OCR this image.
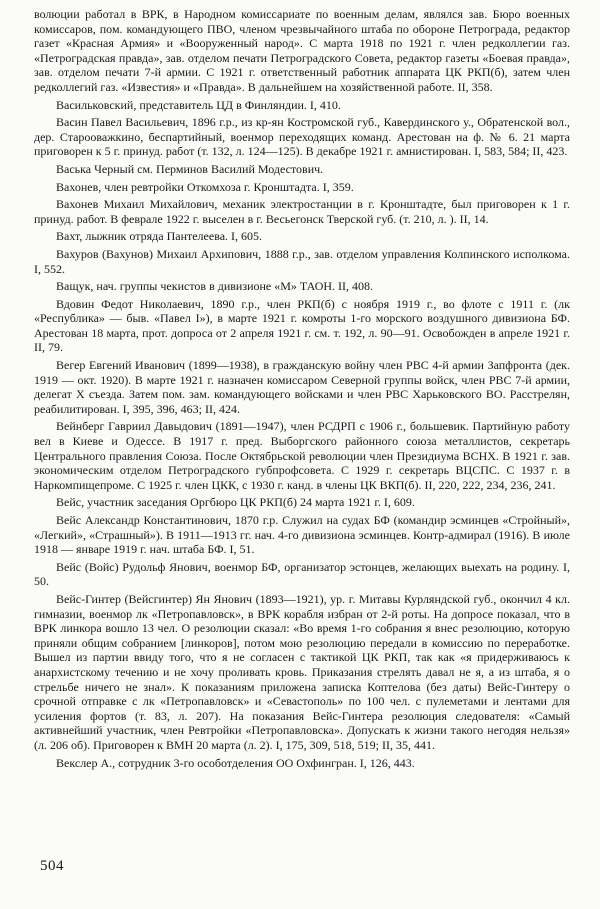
волюции работал в ВРК, в Народном комиссариате по военным делам, являлся зав. Бюро военных комиссаров, пом. командующего ПВО, членом чрезвычайного штаба по обороне Петрограда, редактор газет «Красная Армия» и «Вооруженный народ». С марта 1918 по 1921 г. член редколлегии газ. «Петроградская правда», зав. отделом печати Петроградского Совета, редактор газеты «Боевая правда», зав. отделом печати 7-й армии. С 1921 г. ответственный работник аппарата ЦК РКП(б), затем член редколлегий газ. «Известия» и «Правда». В дальнейшем на хозяйственной работе. II, 358.

Васильковский, представитель ЦД в Финляндии. I, 410.

Васин Павел Васильевич, 1896 г.р., из кр-ян Костромской губ., Кавердинского у., Обратенской вол., дер. Старооважкино, беспартийный, военмор переходящих команд. Арестован на ф. № 6. 21 марта приговорен к 5 г. принуд. работ (т. 132, л. 124—125). В декабре 1921 г. амнистирован. I, 583, 584; II, 423.

Васька Черный см. Перминов Василий Модестович.

Вахонев, член ревтройки Откомхоза г. Кронштадта. I, 359.

Вахонев Михаил Михайлович, механик электростанции в г. Кронштадте, был приговорен к 1 г. принуд. работ. В феврале 1922 г. выселен в г. Весьегонск Тверской губ. (т. 210, л. ). II, 14.

Вахт, лыжник отряда Пантелеева. I, 605.

Вахуров (Вахунов) Михаил Архипович, 1888 г.р., зав. отделом управления Колпинского исполкома. I, 552.

Ващук, нач. группы чекистов в дивизионе «М» ТАОН. II, 408.

Вдовин Федот Николаевич, 1890 г.р., член РКП(б) с ноября 1919 г., во флоте с 1911 г. (лк «Республика» — быв. «Павел I»), в марте 1921 г. комроты 1-го морского воздушного дивизиона БФ. Арестован 18 марта, прот. допроса от 2 апреля 1921 г. см. т. 192, л. 90—91. Освобожден в апреле 1921 г. II, 79.

Вегер Евгений Иванович (1899—1938), в гражданскую войну член РВС 4-й армии Запфронта (дек. 1919 — окт. 1920). В марте 1921 г. назначен комиссаром Северной группы войск, член РВС 7-й армии, делегат X съезда. Затем пом. зам. командующего войсками и член РВС Харьковского ВО. Расстрелян, реабилитирован. I, 395, 396, 463; II, 424.

Вейнберг Гавриил Давыдович (1891—1947), член РСДРП с 1906 г., большевик. Партийную работу вел в Киеве и Одессе. В 1917 г. пред. Выборгского районного союза металлистов, секретарь Центрального правления Союза. После Октябрьской революции член Президиума ВСНХ. В 1921 г. зав. экономическим отделом Петроградского губпрофсовета. С 1929 г. секретарь ВЦСПС. С 1937 г. в Наркомпищепроме. С 1925 г. член ЦКК, с 1930 г. канд. в члены ЦК ВКП(б). II, 220, 222, 234, 236, 241.

Вейс, участник заседания Оргбюро ЦК РКП(б) 24 марта 1921 г. I, 609.

Вейс Александр Константинович, 1870 г.р. Служил на судах БФ (командир эсминцев «Стройный», «Легкий», «Страшный»). В 1911—1913 гг. нач. 4-го дивизиона эсминцев. Контр-адмирал (1916). В июле 1918 — январе 1919 г. нач. штаба БФ. I, 51.

Вейс (Войс) Рудольф Янович, военмор БФ, организатор эстонцев, желающих выехать на родину. I, 50.

Вейс-Гинтер (Вейсгинтер) Ян Янович (1893—1921), ур. г. Митавы Курляндской губ., окончил 4 кл. гимназии, военмор лк «Петропавловск», в ВРК корабля избран от 2-й роты. На допросе показал, что в ВРК линкора вошло 13 чел. О резолюции сказал: «Во время 1-го собрания я внес резолюцию, которую приняли общим собранием [линкоров], потом мою резолюцию передали в комиссию по переработке. Вышел из партии ввиду того, что я не согласен с тактикой ЦК РКП, так как «я придерживаюсь к анархистскому течению и не хочу проливать кровь. Приказания стрелять давал не я, а из штаба, я о стрельбе ничего не знал». К показаниям приложена записка Коптелова (без даты) Вейс-Гинтеру о срочной отправке с лк «Петропавловск» и «Севастополь» по 100 чел. с пулеметами и лентами для усиления фортов (т. 83, л. 207). На показания Вейс-Гинтера резолюция следователя: «Самый активнейший участник, член Ревтройки «Петропавловска». Допускать к жизни такого негодяя нельзя» (л. 206 об). Приговорен к ВМН 20 марта (л. 2). I, 175, 309, 518, 519; II, 35, 441.

Векслер А., сотрудник 3-го особотделения ОО Охфингран. I, 126, 443.

504
